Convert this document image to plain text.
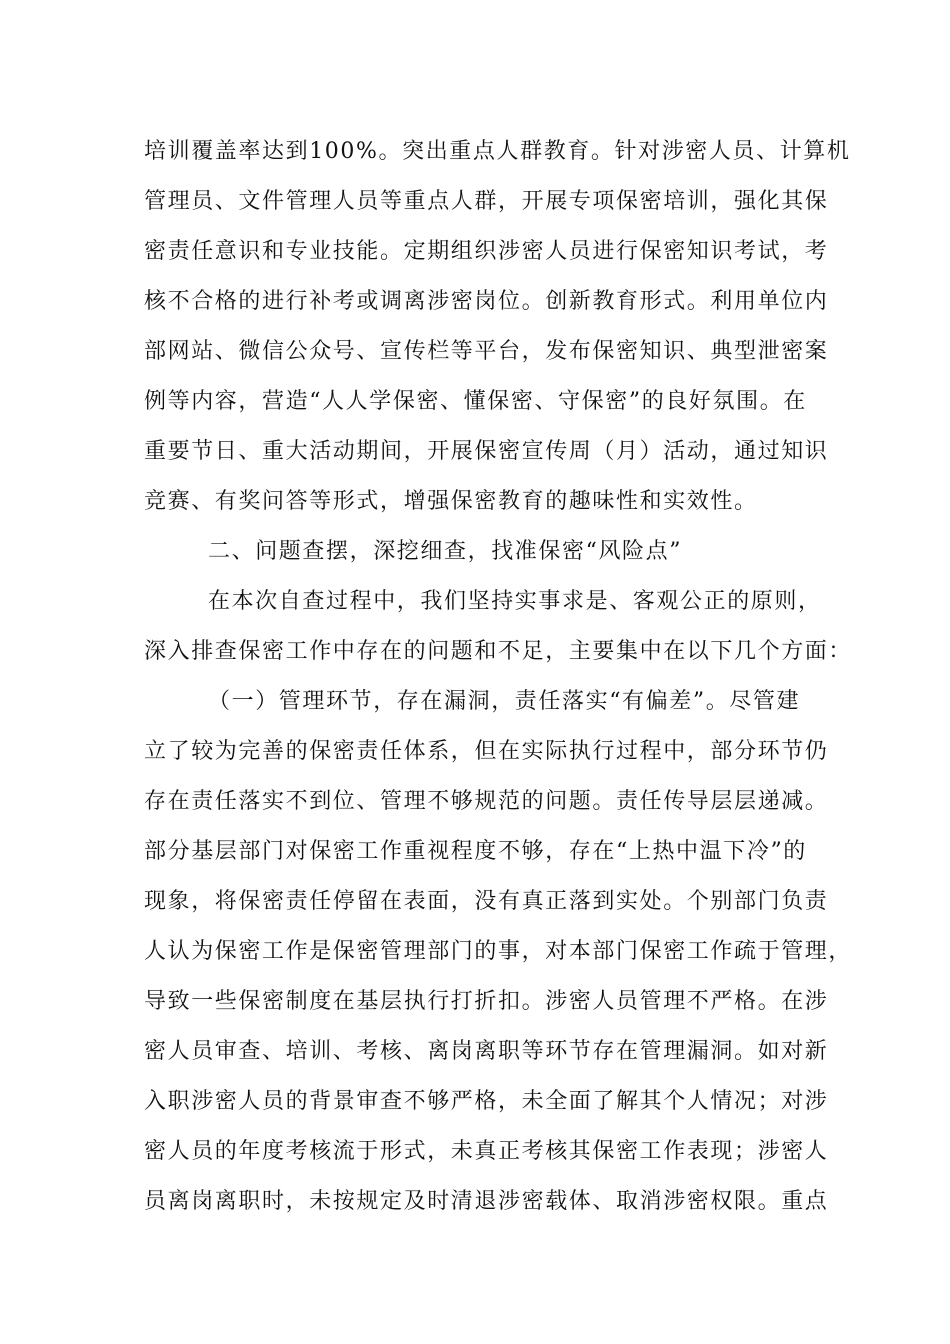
培训覆盖率达到100%。突出重点人群教育。针对涉密人员、计算机
管理员、文件管理人员等重点人群，开展专项保密培训，强化其保
密责任意识和专业技能。定期组织涉密人员进行保密知识考试，考
核不合格的进行补考或调离涉密岗位。创新教育形式。利用单位内
部网站、微信公众号、宣传栏等平台，发布保密知识、典型泄密案
例等内容，营造“人人学保密、懂保密、守保密”的良好氛围。在
重要节日、重大活动期间，开展保密宣传周（月）活动，通过知识
竞赛、有奖问答等形式，增强保密教育的趣味性和实效性。
二、问题查摆，深挖细查，找准保密“风险点”
在本次自查过程中，我们坚持实事求是、客观公正的原则，
深入排查保密工作中存在的问题和不足，主要集中在以下几个方面：
（一）管理环节，存在漏洞，责任落实“有偏差”。尽管建
立了较为完善的保密责任体系，但在实际执行过程中，部分环节仍
存在责任落实不到位、管理不够规范的问题。责任传导层层递减。
部分基层部门对保密工作重视程度不够，存在“上热中温下冷”的
现象，将保密责任停留在表面，没有真正落到实处。个别部门负责
人认为保密工作是保密管理部门的事，对本部门保密工作疏于管理，
导致一些保密制度在基层执行打折扣。涉密人员管理不严格。在涉
密人员审查、培训、考核、离岗离职等环节存在管理漏洞。如对新
入职涉密人员的背景审查不够严格，未全面了解其个人情况；对涉
密人员的年度考核流于形式，未真正考核其保密工作表现；涉密人
员离岗离职时，未按规定及时清退涉密载体、取消涉密权限。重点
